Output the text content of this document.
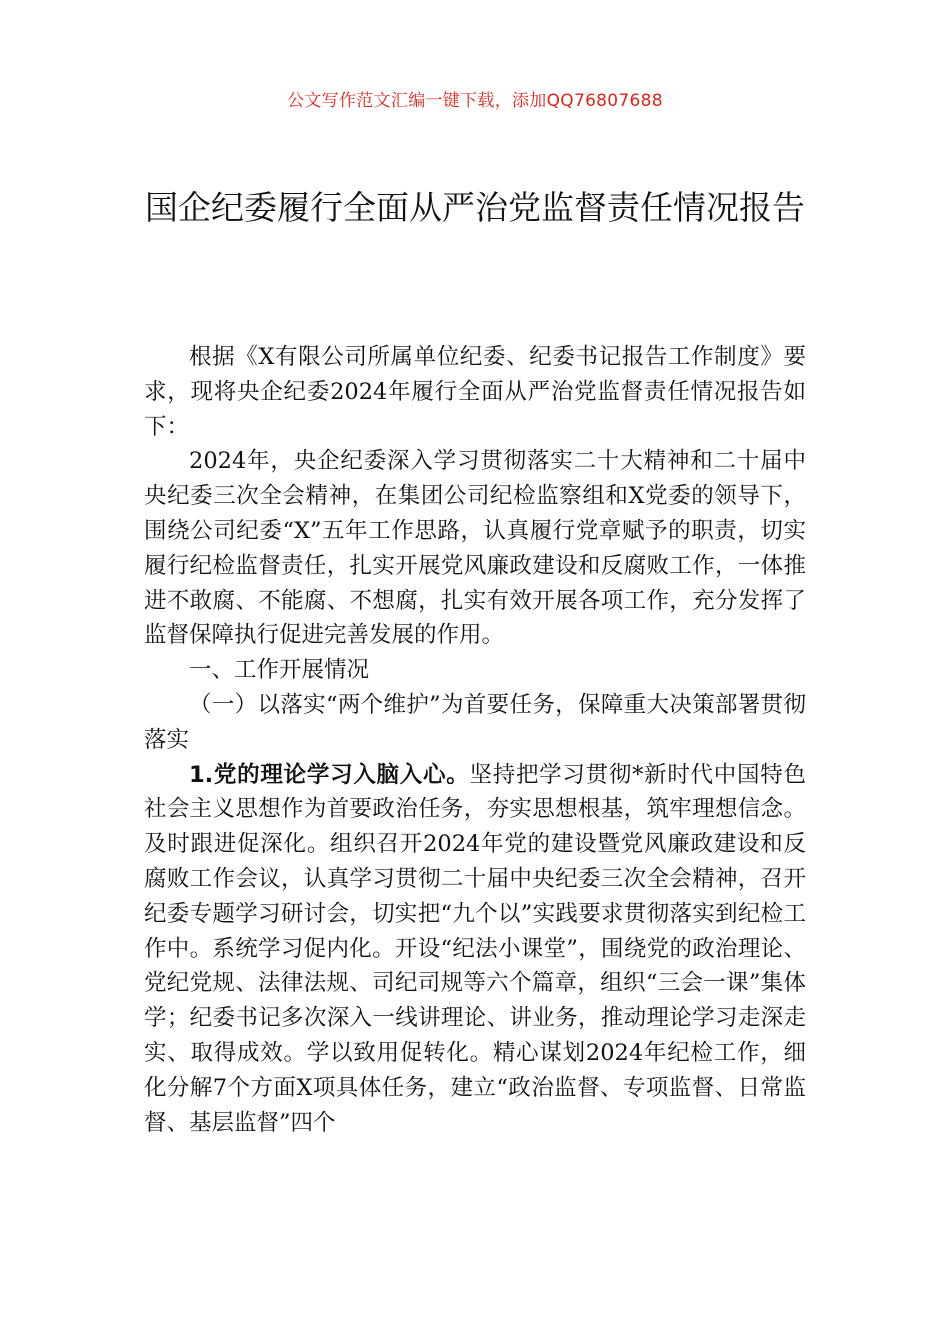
公文写作范文汇编一键下载，添加QQ76807688
国企纪委履行全面从严治党监督责任情况报告

根据《X有限公司所属单位纪委、纪委书记报告工作制度》要求，现将央企纪委2024年履行全面从严治党监督责任情况报告如下：

2024年，央企纪委深入学习贯彻落实二十大精神和二十届中央纪委三次全会精神，在集团公司纪检监察组和X党委的领导下，围绕公司纪委“X”五年工作思路，认真履行党章赋予的职责，切实履行纪检监督责任，扎实开展党风廉政建设和反腐败工作，一体推进不敢腐、不能腐、不想腐，扎实有效开展各项工作，充分发挥了监督保障执行促进完善发展的作用。

一、工作开展情况

（一）以落实“两个维护”为首要任务，保障重大决策部署贯彻落实

1.党的理论学习入脑入心。坚持把学习贯彻*新时代中国特色社会主义思想作为首要政治任务，夯实思想根基，筑牢理想信念。及时跟进促深化。组织召开2024年党的建设暨党风廉政建设和反腐败工作会议，认真学习贯彻二十届中央纪委三次全会精神，召开纪委专题学习研讨会，切实把“九个以”实践要求贯彻落实到纪检工作中。系统学习促内化。开设“纪法小课堂”，围绕党的政治理论、党纪党规、法律法规、司纪司规等六个篇章，组织“三会一课”集体学；纪委书记多次深入一线讲理论、讲业务，推动理论学习走深走实、取得成效。学以致用促转化。精心谋划2024年纪检工作，细化分解7个方面X项具体任务，建立“政治监督、专项监督、日常监督、基层监督”四个
